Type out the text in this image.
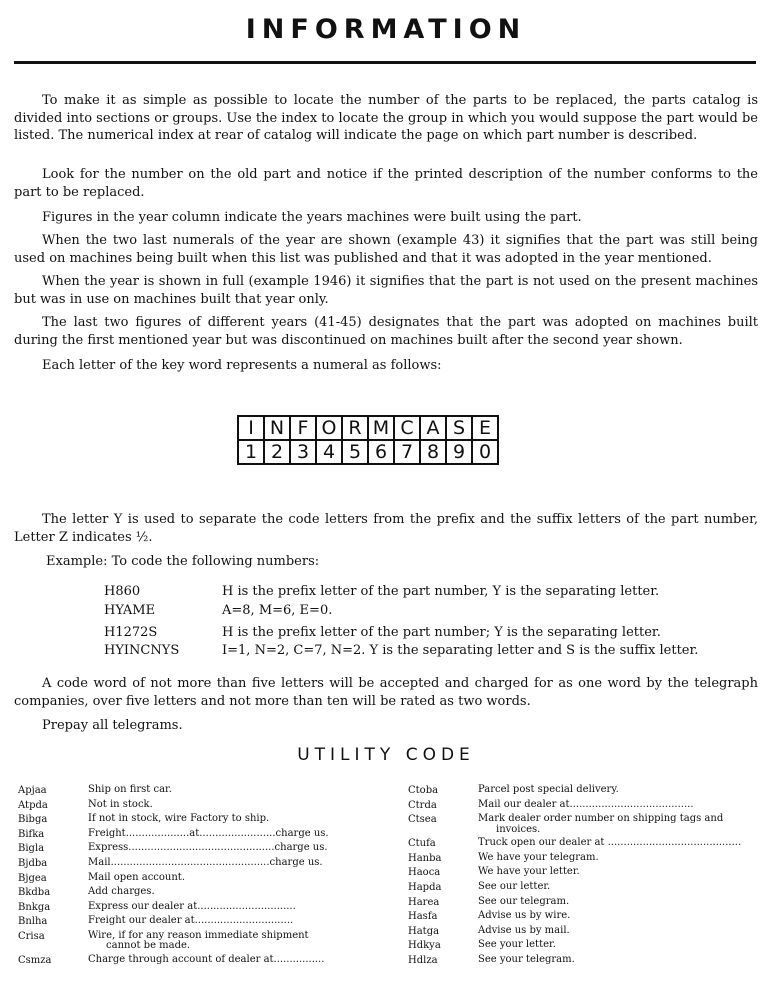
INFORMATION

To make it as simple as possible to locate the number of the parts to be replaced, the parts catalog is divided into sections or groups. Use the index to locate the group in which you would suppose the part would be listed. The numerical index at rear of catalog will indicate the page on which part number is described.

Look for the number on the old part and notice if the printed description of the number conforms to the part to be replaced.

Figures in the year column indicate the years machines were built using the part.

When the two last numerals of the year are shown (example 43) it signifies that the part was still being used on machines being built when this list was published and that it was adopted in the year mentioned.

When the year is shown in full (example 1946) it signifies that the part is not used on the present machines but was in use on machines built that year only.

The last two figures of different years (41-45) designates that the part was adopted on machines built during the first mentioned year but was discontinued on machines built after the second year shown.

Each letter of the key word represents a numeral as follows:

I	N	F	O	R	M	C	A	S	E
1	2	3	4	5	6	7	8	9	0

The letter Y is used to separate the code letters from the prefix and the suffix letters of the part number, Letter Z indicates ½.

Example: To code the following numbers:

H860	H is the prefix letter of the part number, Y is the separating letter.
HYAME	A=8, M=6, E=0.
H1272S	H is the prefix letter of the part number; Y is the separating letter.
HYINCNYS	I=1, N=2, C=7, N=2. Y is the separating letter and S is the suffix letter.

A code word of not more than five letters will be accepted and charged for as one word by the telegraph companies, over five letters and not more than ten will be rated as two words.

Prepay all telegrams.

UTILITY CODE
Apjaa	Ship on first car.
Atpda	Not in stock.
Bibga	If not in stock, wire Factory to ship.
Bifka	Freight....................at........................charge us.
Bigla	Express..............................................charge us.
Bjdba	Mail..................................................charge us.
Bjgea	Mail open account.
Bkdba	Add charges.
Bnkga	Express our dealer at...............................
Bnlha	Freight our dealer at...............................
Crisa	Wire, if for any reason immediate shipment
cannot be made.
Csmza	Charge through account of dealer at................
Ctoba	Parcel post special delivery.
Ctrda	Mail our dealer at.......................................
Ctsea	Mark dealer order number on shipping tags and
invoices.
Ctufa	Truck open our dealer at ..........................................
Hanba	We have your telegram.
Haoca	We have your letter.
Hapda	See our letter.
Harea	See our telegram.
Hasfa	Advise us by wire.
Hatga	Advise us by mail.
Hdkya	See your letter.
Hdlza	See your telegram.
